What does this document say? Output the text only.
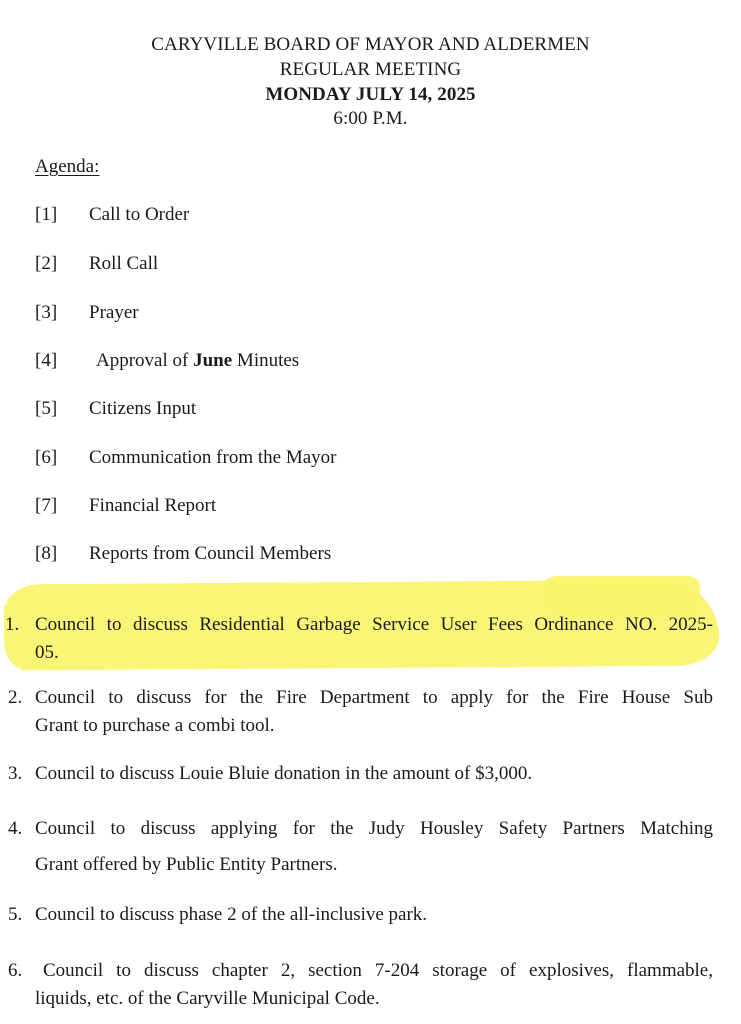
CARYVILLE BOARD OF MAYOR AND ALDERMEN
REGULAR MEETING
MONDAY JULY 14, 2025
6:00 P.M.
Agenda:
[1] Call to Order
[2] Roll Call
[3] Prayer
[4] Approval of June Minutes
[5] Citizens Input
[6] Communication from the Mayor
[7] Financial Report
[8] Reports from Council Members
1. Council to discuss Residential Garbage Service User Fees Ordinance NO. 2025-
05.
2. Council to discuss for the Fire Department to apply for the Fire House Sub
Grant to purchase a combi tool.
3. Council to discuss Louie Bluie donation in the amount of $3,000.
4. Council to discuss applying for the Judy Housley Safety Partners Matching
Grant offered by Public Entity Partners.
5. Council to discuss phase 2 of the all-inclusive park.
6.	Council to discuss chapter 2, section 7-204 storage of explosives, flammable,
liquids, etc. of the Caryville Municipal Code.
